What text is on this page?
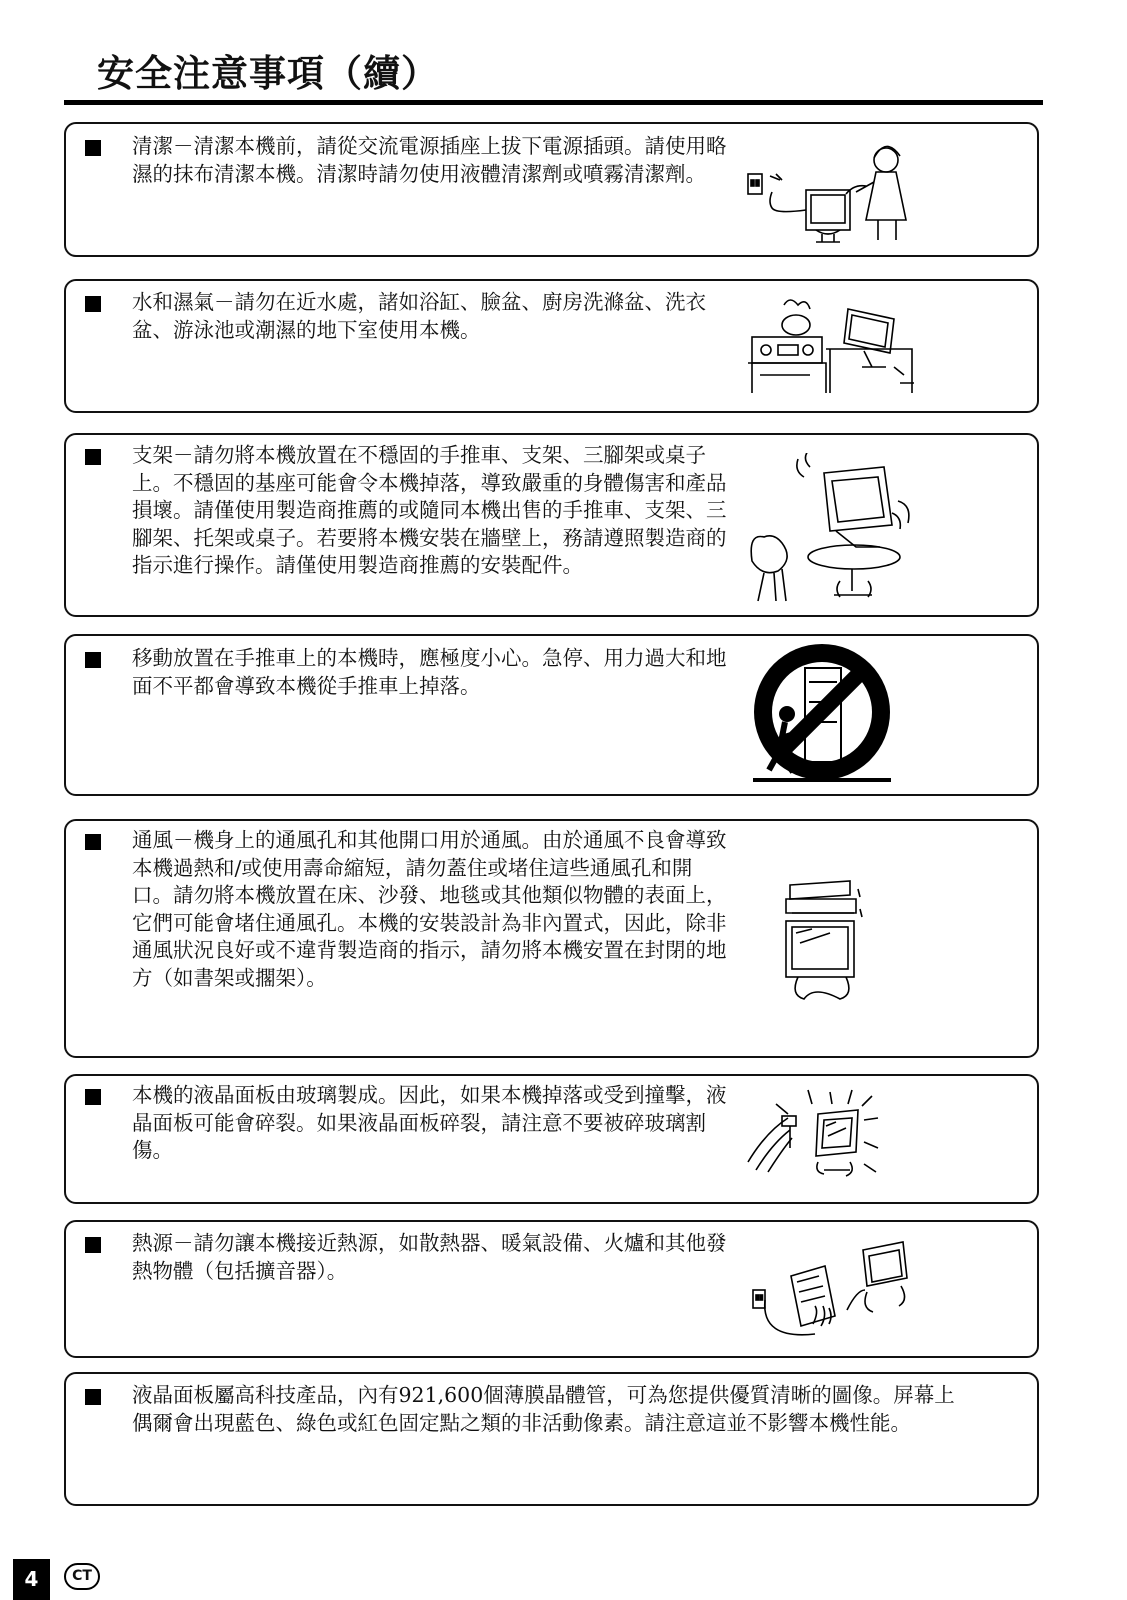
安全注意事項（續）

清潔－清潔本機前，請從交流電源插座上拔下電源插頭。請使用略濕的抹布清潔本機。清潔時請勿使用液體清潔劑或噴霧清潔劑。

水和濕氣－請勿在近水處，諸如浴缸、臉盆、廚房洗滌盆、洗衣盆、游泳池或潮濕的地下室使用本機。

支架－請勿將本機放置在不穩固的手推車、支架、三腳架或桌子上。不穩固的基座可能會令本機掉落，導致嚴重的身體傷害和產品損壞。請僅使用製造商推薦的或隨同本機出售的手推車、支架、三腳架、托架或桌子。若要將本機安裝在牆壁上，務請遵照製造商的指示進行操作。請僅使用製造商推薦的安裝配件。

移動放置在手推車上的本機時，應極度小心。急停、用力過大和地面不平都會導致本機從手推車上掉落。

通風－機身上的通風孔和其他開口用於通風。由於通風不良會導致本機過熱和/或使用壽命縮短，請勿蓋住或堵住這些通風孔和開口。請勿將本機放置在床、沙發、地毯或其他類似物體的表面上，它們可能會堵住通風孔。本機的安裝設計為非內置式，因此，除非通風狀況良好或不違背製造商的指示，請勿將本機安置在封閉的地方（如書架或擱架）。

本機的液晶面板由玻璃製成。因此，如果本機掉落或受到撞擊，液晶面板可能會碎裂。如果液晶面板碎裂，請注意不要被碎玻璃割傷。

熱源－請勿讓本機接近熱源，如散熱器、暖氣設備、火爐和其他發熱物體（包括擴音器）。

液晶面板屬高科技產品，內有921,600個薄膜晶體管，可為您提供優質清晰的圖像。屏幕上偶爾會出現藍色、綠色或紅色固定點之類的非活動像素。請注意這並不影響本機性能。

4	CT
